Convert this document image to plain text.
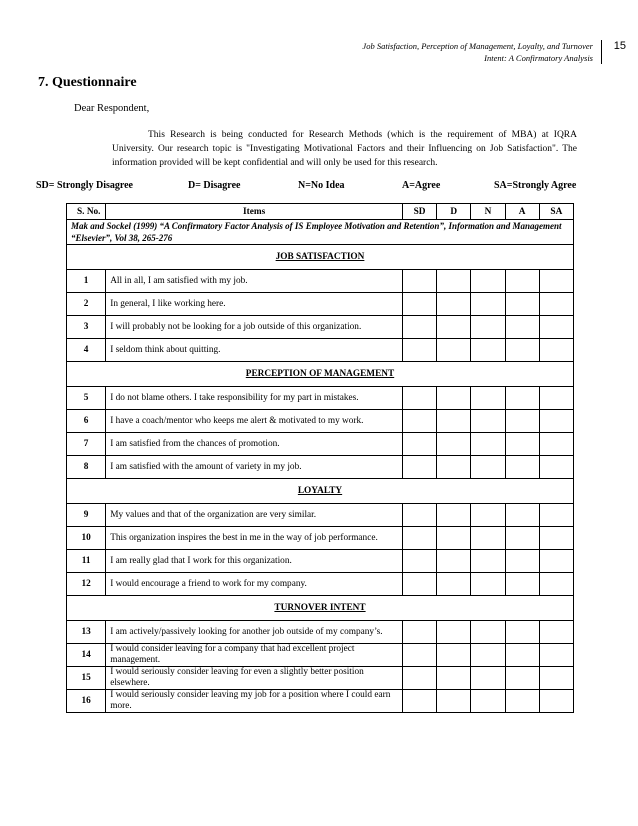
Job Satisfaction, Perception of Management, Loyalty, and Turnover
Intent: A Confirmatory Analysis
15
7. Questionnaire
Dear Respondent,
This Research is being conducted for Research Methods (which is the requirement of MBA) at IQRA University. Our research topic is "Investigating Motivational Factors and their Influencing on Job Satisfaction". The information provided will be kept confidential and will only be used for this research.
SD= Strongly Disagree	D= Disagree	N=No Idea	A=Agree	SA=Strongly Agree
S. No.	Items	SD	D	N	A	SA
Mak and Sockel (1999) “A Confirmatory Factor Analysis of IS Employee Motivation and Retention”, Information and Management “Elsevier”, Vol 38, 265-276						
JOB SATISFACTION						
1	All in all, I am satisfied with my job.					
2	In general, I like working here.					
3	I will probably not be looking for a job outside of this organization.					
4	I seldom think about quitting.					
PERCEPTION OF MANAGEMENT						
5	I do not blame others. I take responsibility for my part in mistakes.					
6	I have a coach/mentor who keeps me alert & motivated to my work.					
7	I am satisfied from the chances of promotion.					
8	I am satisfied with the amount of variety in my job.					
LOYALTY						
9	My values and that of the organization are very similar.					
10	This organization inspires the best in me in the way of job performance.					
11	I am really glad that I work for this organization.					
12	I would encourage a friend to work for my company.					
TURNOVER INTENT						
13	I am actively/passively looking for another job outside of my company’s.					
14	I would consider leaving for a company that had excellent project management.					
15	I would seriously consider leaving for even a slightly better position elsewhere.					
16	I would seriously consider leaving my job for a position where I could earn more.					
